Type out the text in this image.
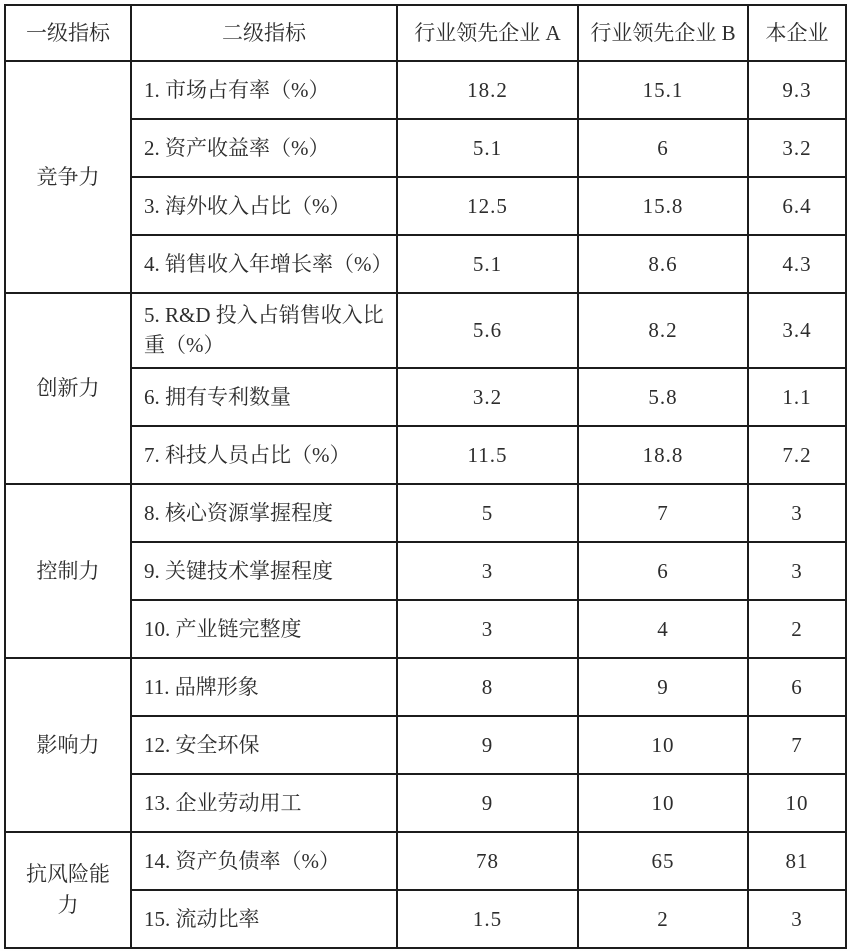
一级指标	二级指标	行业领先企业 A	行业领先企业 B	本企业
竞争力	1. 市场占有率（%）	18.2	15.1	9.3
	2. 资产收益率（%）	5.1	6	3.2
	3. 海外收入占比（%）	12.5	15.8	6.4
	4. 销售收入年增长率（%）	5.1	8.6	4.3
创新力	5. R&D 投入占销售收入比重（%）	5.6	8.2	3.4
	6. 拥有专利数量	3.2	5.8	1.1
	7. 科技人员占比（%）	11.5	18.8	7.2
控制力	8. 核心资源掌握程度	5	7	3
	9. 关键技术掌握程度	3	6	3
	10. 产业链完整度	3	4	2
影响力	11. 品牌形象	8	9	6
	12. 安全环保	9	10	7
	13. 企业劳动用工	9	10	10
抗风险能力	14. 资产负债率（%）	78	65	81
	15. 流动比率	1.5	2	3
